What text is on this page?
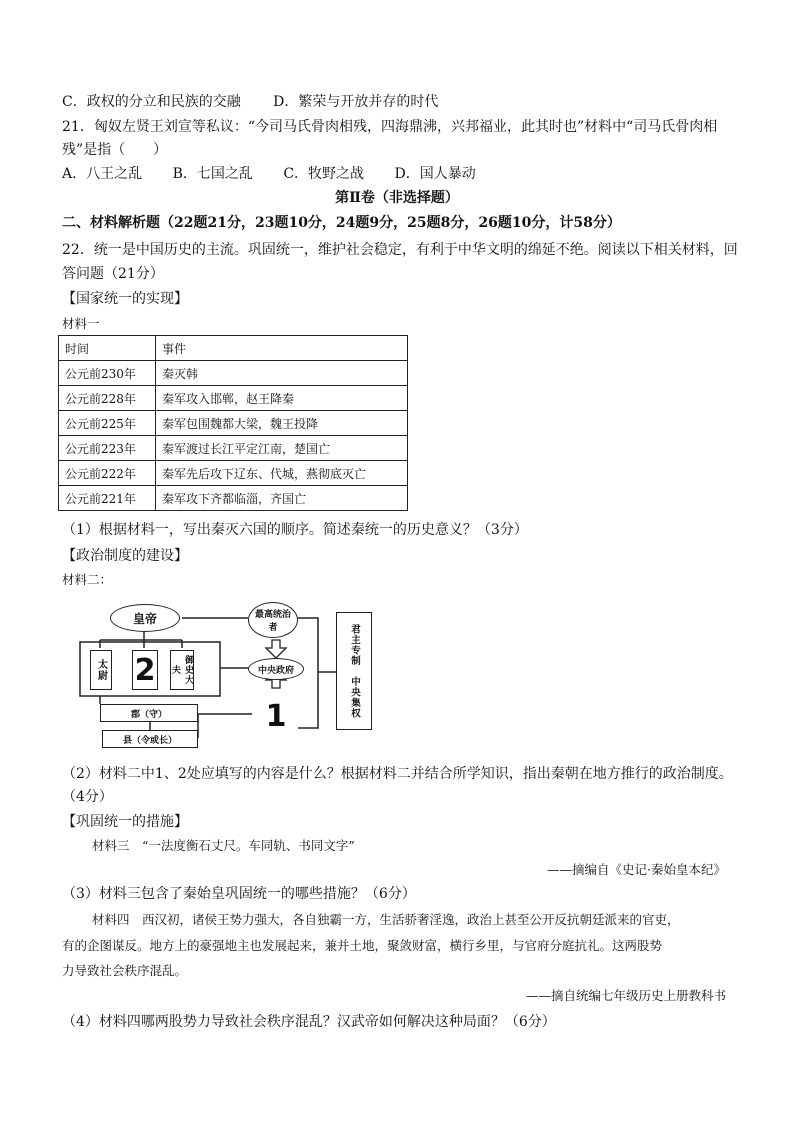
C．政权的分立和民族的交融 D．繁荣与开放并存的时代
21．匈奴左贤王刘宣等私议：“今司马氏骨肉相残，四海鼎沸，兴邦福业，此其时也”材料中“司马氏骨肉相
残”是指（　　）
A．八王之乱 B．七国之乱 C．牧野之战 D．国人暴动
第Ⅱ卷（非选择题）
二、材料解析题（22题21分，23题10分，24题9分，25题8分，26题10分，计58分）
22．统一是中国历史的主流。巩固统一，维护社会稳定，有利于中华文明的绵延不绝。阅读以下相关材料，回
答问题（21分）
【国家统一的实现】
材料一
时间	事件
公元前230年	秦灭韩
公元前228年	秦军攻入邯郸，赵王降秦
公元前225年	秦军包围魏都大梁，魏王投降
公元前223年	秦军渡过长江平定江南，楚国亡
公元前222年	秦军先后攻下辽东、代城，燕彻底灭亡
公元前221年	秦军攻下齐都临淄，齐国亡
（1）根据材料一，写出秦灭六国的顺序。简述秦统一的历史意义？（3分）
【政治制度的建设】
材料二：
皇帝
太尉 2	御史大夫
最高统治者
中央政府
1
郡（守）
县（令或长）
君主专制　中央集权
（2）材料二中1、2处应填写的内容是什么？根据材料二并结合所学知识，指出秦朝在地方推行的政治制度。
（4分）
【巩固统一的措施】
材料三　“一法度衡石丈尺。车同轨、书同文字”
——摘编自《史记·秦始皇本纪》
（3）材料三包含了秦始皇巩固统一的哪些措施？（6分）
材料四　西汉初，诸侯王势力强大，各自独霸一方，生活骄奢淫逸，政治上甚至公开反抗朝廷派来的官吏，
有的企图谋反。地方上的豪强地主也发展起来，兼并土地，聚敛财富，横行乡里，与官府分庭抗礼。这两股势
力导致社会秩序混乱。
——摘自统编七年级历史上册教科书
（4）材料四哪两股势力导致社会秩序混乱？汉武帝如何解决这种局面？（6分）
